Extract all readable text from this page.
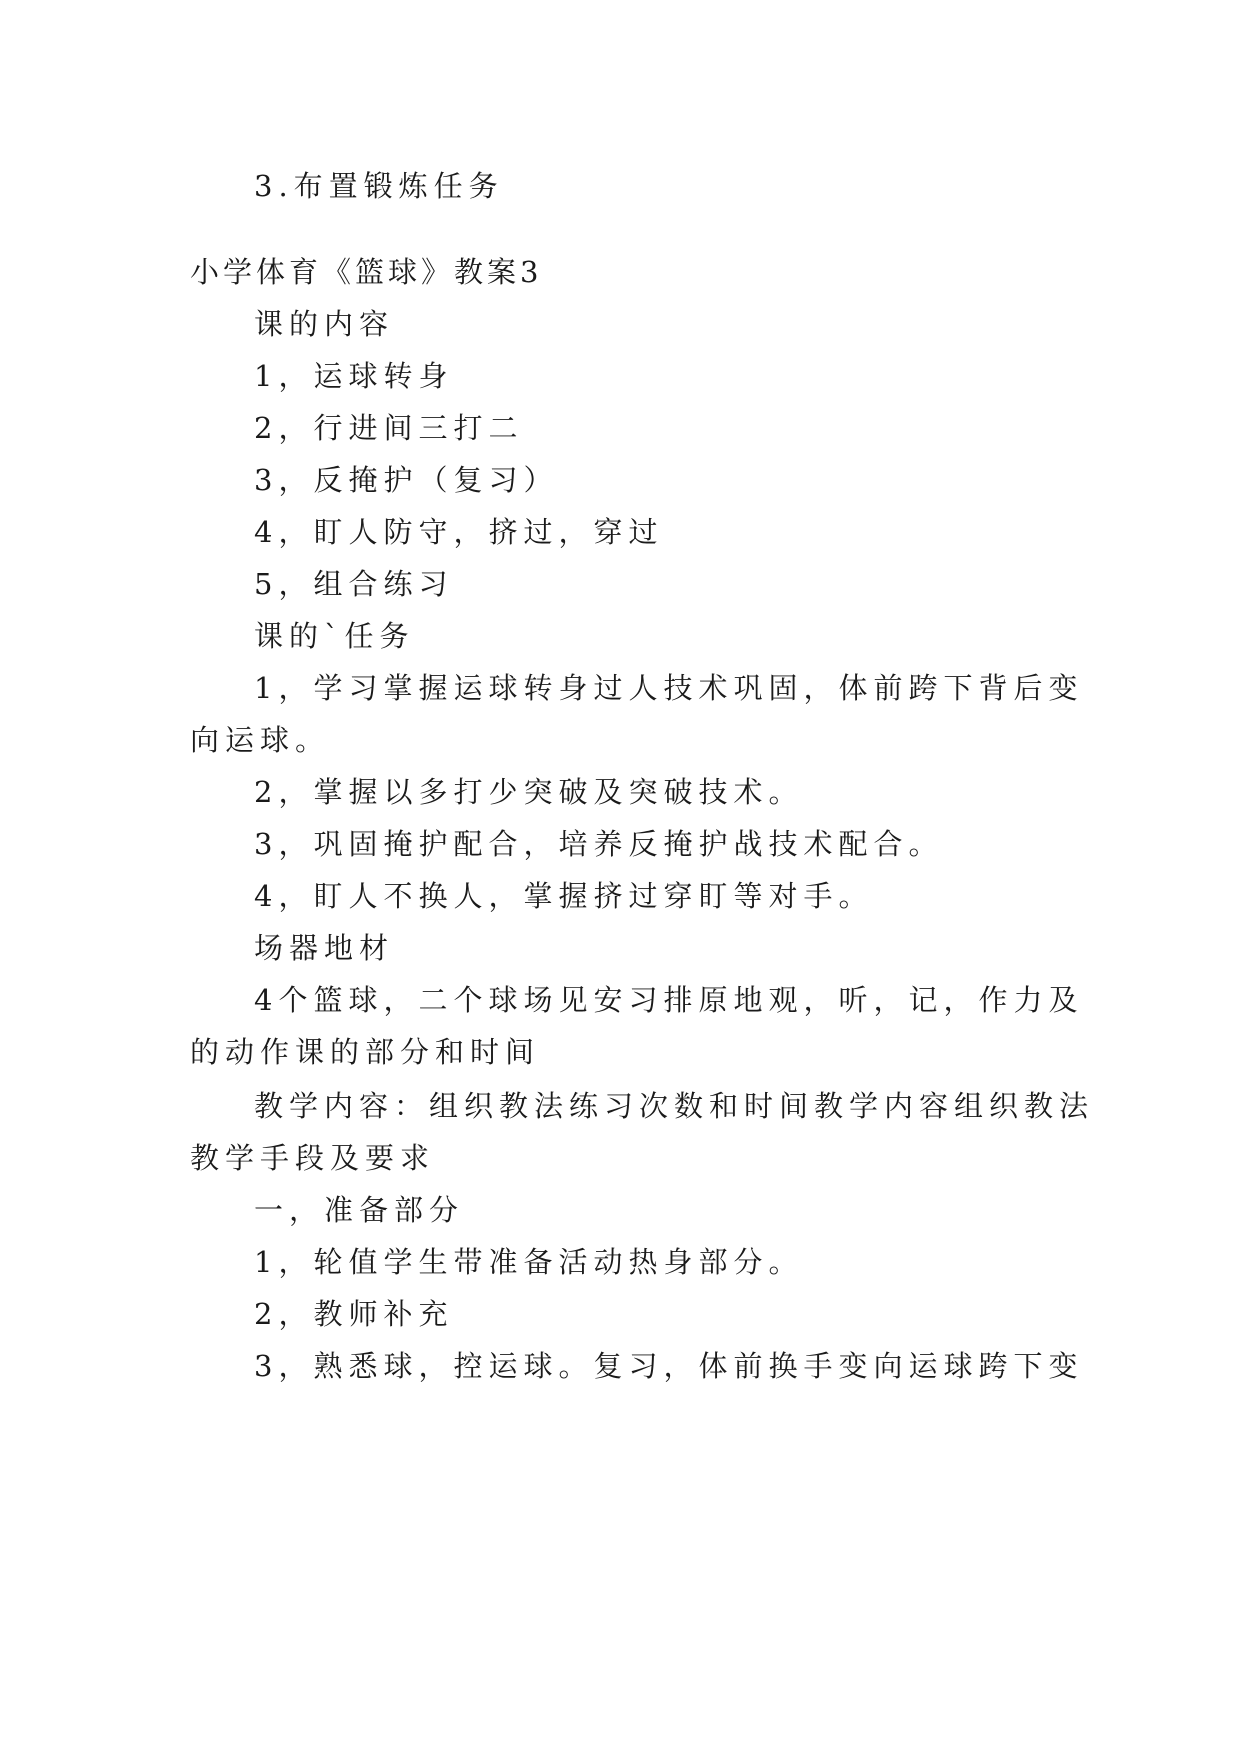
3.布置锻炼任务
小学体育《篮球》教案3
课的内容
1，运球转身
2，行进间三打二
3，反掩护（复习）
4，盯人防守，挤过，穿过
5，组合练习
课的`任务
1，学习掌握运球转身过人技术巩固，体前跨下背后变
向运球。
2，掌握以多打少突破及突破技术。
3，巩固掩护配合，培养反掩护战技术配合。
4，盯人不换人，掌握挤过穿盯等对手。
场器地材
4个篮球，二个球场见安习排原地观，听，记，作力及
的动作课的部分和时间
教学内容：组织教法练习次数和时间教学内容组织教法
教学手段及要求
一，准备部分
1，轮值学生带准备活动热身部分。
2，教师补充
3，熟悉球，控运球。复习，体前换手变向运球跨下变
